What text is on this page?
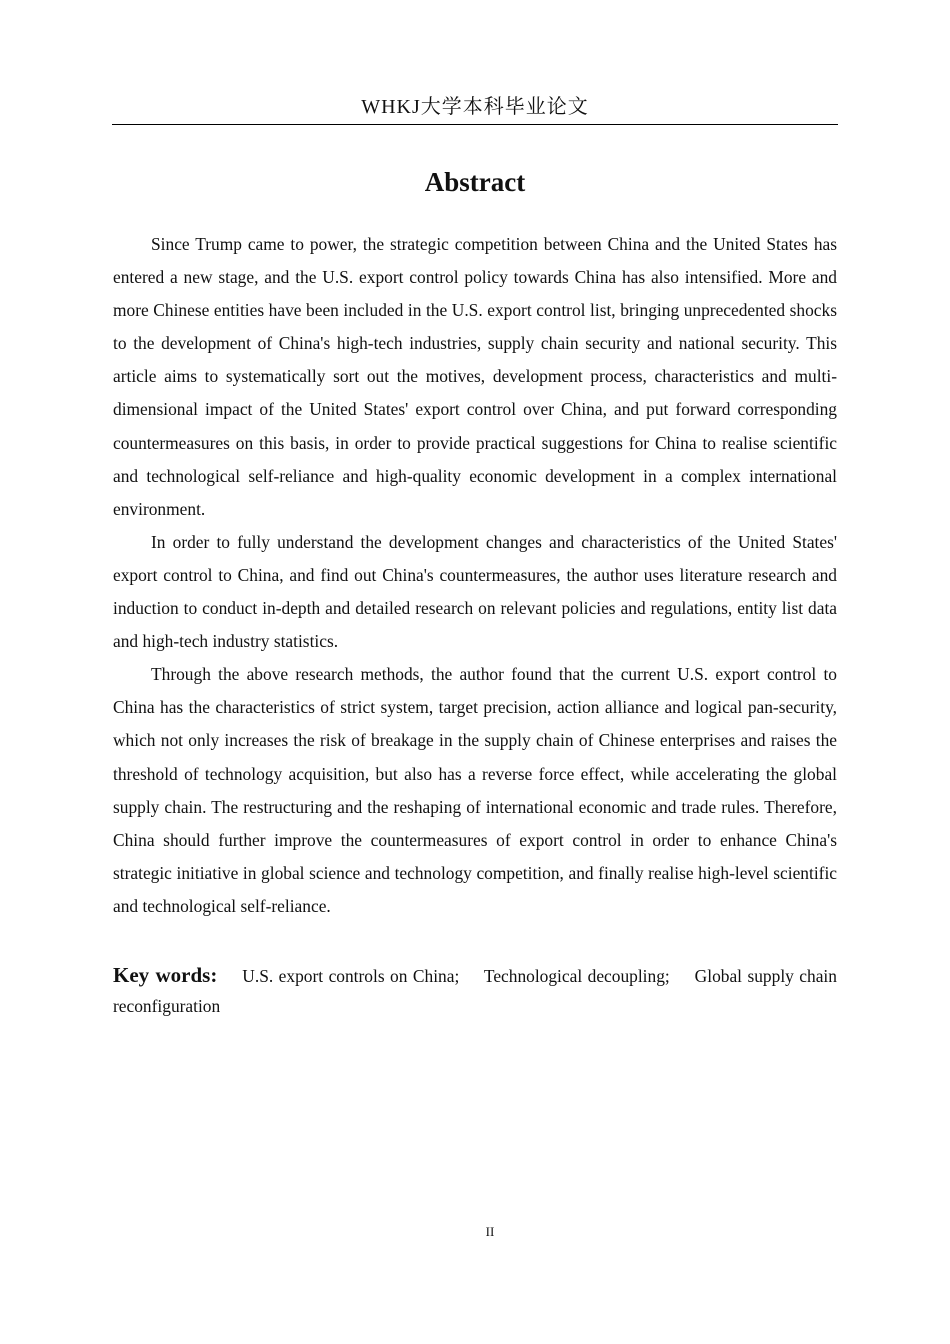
WHKJ大学本科毕业论文
Abstract

Since Trump came to power, the strategic competition between China and the United States has entered a new stage, and the U.S. export control policy towards China has also intensified. More and more Chinese entities have been included in the U.S. export control list, bringing unprecedented shocks to the development of China's high-tech industries, supply chain security and national security. This article aims to systematically sort out the motives, development process, characteristics and multi-dimensional impact of the United States' export control over China, and put forward corresponding countermeasures on this basis, in order to provide practical suggestions for China to realise scientific and technological self-reliance and high-quality economic development in a complex international environment.

In order to fully understand the development changes and characteristics of the United States' export control to China, and find out China's countermeasures, the author uses literature research and induction to conduct in-depth and detailed research on relevant policies and regulations, entity list data and high-tech industry statistics.

Through the above research methods, the author found that the current U.S. export control to China has the characteristics of strict system, target precision, action alliance and logical pan-security, which not only increases the risk of breakage in the supply chain of Chinese enterprises and raises the threshold of technology acquisition, but also has a reverse force effect, while accelerating the global supply chain. The restructuring and the reshaping of international economic and trade rules. Therefore, China should further improve the countermeasures of export control in order to enhance China's strategic initiative in global science and technology competition, and finally realise high-level scientific and technological self-reliance.

Key words: U.S. export controls on China; Technological decoupling; Global supply chain reconfiguration
II
